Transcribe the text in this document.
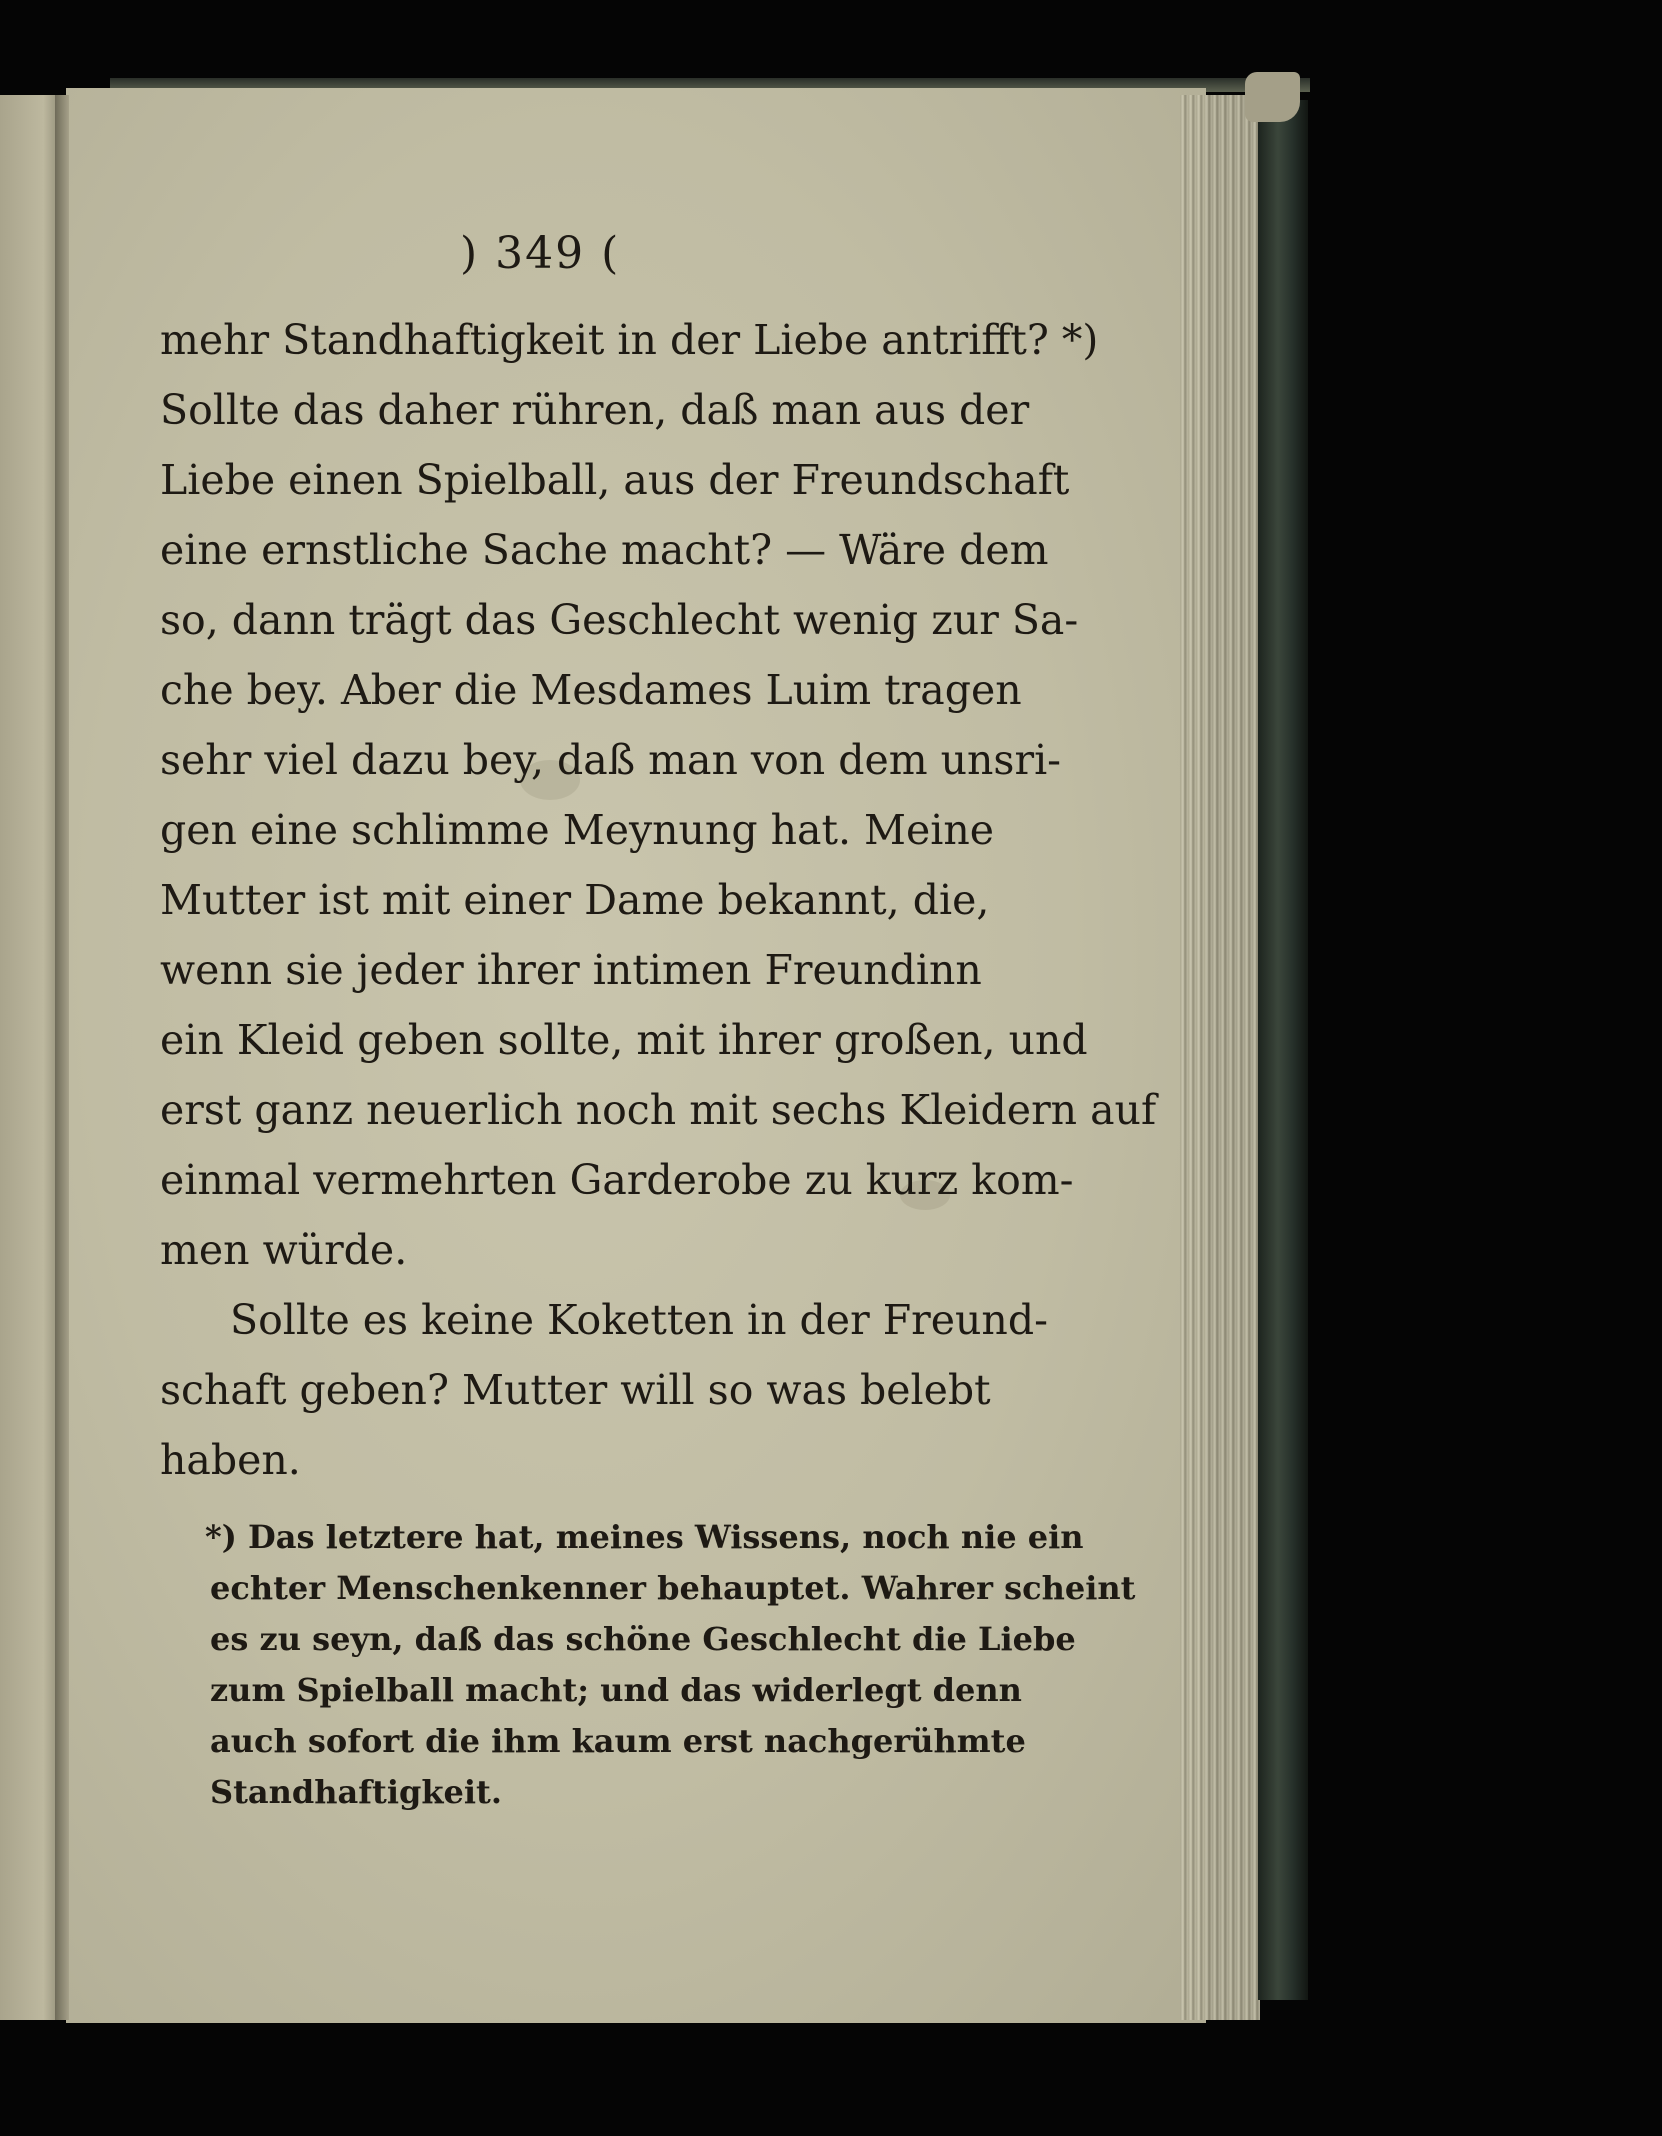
) 349 (
mehr Standhaftigkeit in der Liebe antrifft? *)
Sollte das daher rühren, daß man aus der
Liebe einen Spielball, aus der Freundschaft
eine ernstliche Sache macht? — Wäre dem
so, dann trägt das Geschlecht wenig zur Sa-
che bey. Aber die Mesdames Luim tragen
sehr viel dazu bey, daß man von dem unsri-
gen eine schlimme Meynung hat. Meine
Mutter ist mit einer Dame bekannt, die,
wenn sie jeder ihrer intimen Freundinn
ein Kleid geben sollte, mit ihrer großen, und
erst ganz neuerlich noch mit sechs Kleidern auf
einmal vermehrten Garderobe zu kurz kom-
men würde.
Sollte es keine Koketten in der Freund-
schaft geben? Mutter will so was belebt
haben.
*) Das letztere hat, meines Wissens, noch nie ein
echter Menschenkenner behauptet. Wahrer scheint
es zu seyn, daß das schöne Geschlecht die Liebe
zum Spielball macht; und das widerlegt denn
auch sofort die ihm kaum erst nachgerühmte
Standhaftigkeit.
